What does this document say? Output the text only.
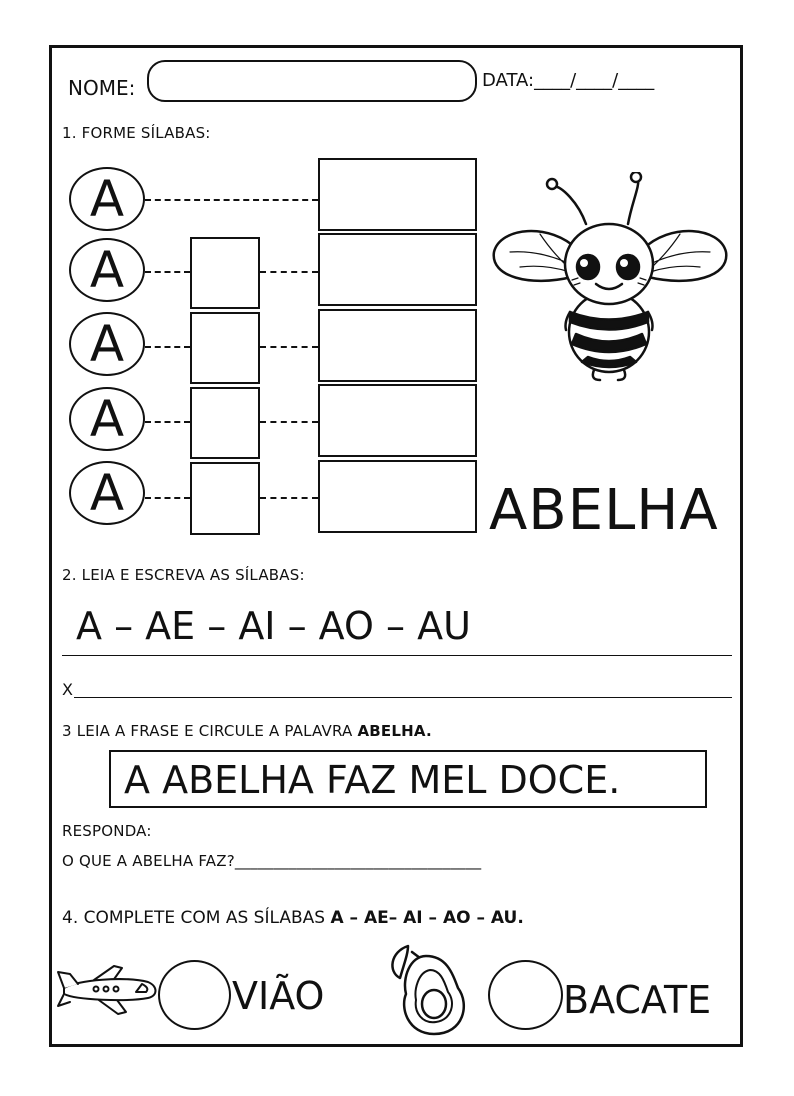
NOME:	DATA:____/____/____
1. FORME SÍLABAS:
A
A
A
A
A	ABELHA
2. LEIA E ESCREVA AS SÍLABAS:
A – AE – AI – AO – AU
X
3 LEIA A FRASE E CIRCULE A PALAVRA ABELHA.
A ABELHA FAZ MEL DOCE.
RESPONDA:
O QUE A ABELHA FAZ?________________________________
4. COMPLETE COM AS SÍLABAS A – AE– AI – AO – AU.
VIÃO	BACATE
